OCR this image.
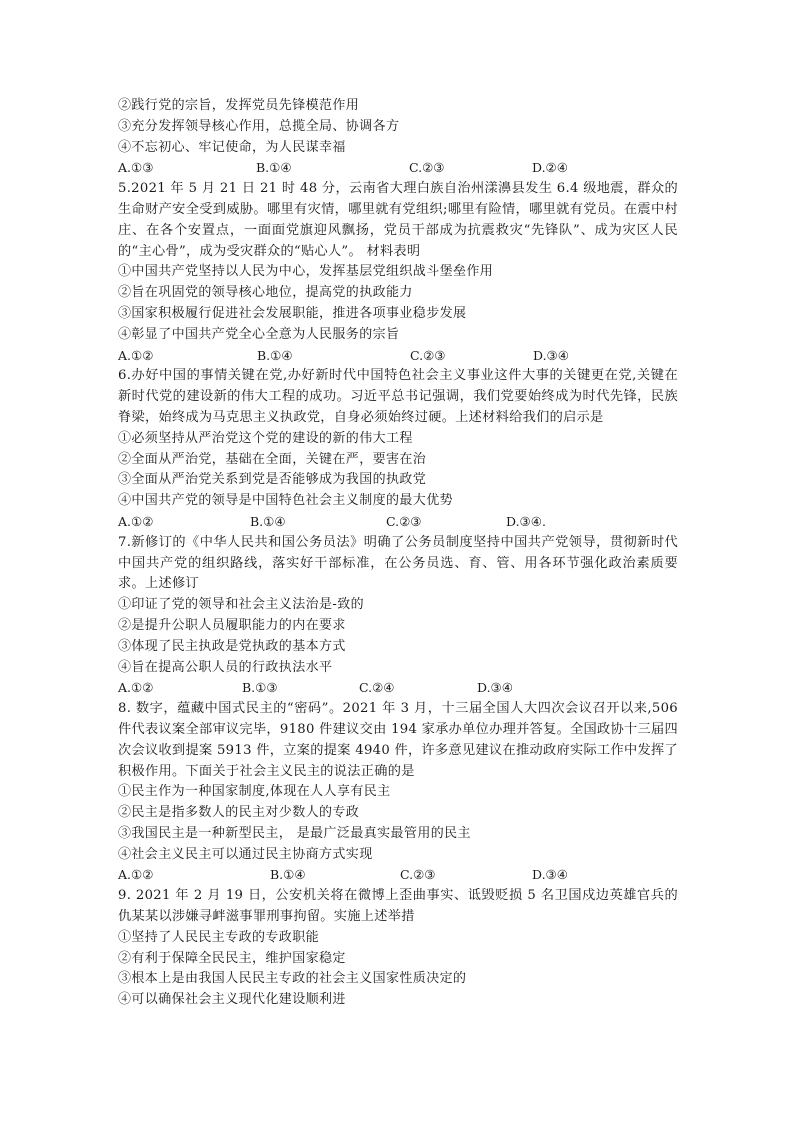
②践行党的宗旨，发挥党员先锋模范作用
③充分发挥领导核心作用，总揽全局、协调各方
④不忘初心、牢记使命，为人民谋幸福
A.①③	B.①④	C.②③	D.②④
5.2021 年 5 月 21 日 21 时 48 分，云南省大理白族自治州漾濞县发生 6.4 级地震，群众的生命财产安全受到威胁。哪里有灾情，哪里就有党组织;哪里有险情，哪里就有党员。在震中村庄、在各个安置点，一面面党旗迎风飘扬，党员干部成为抗震救灾“先锋队”、成为灾区人民的“主心骨”，成为受灾群众的“贴心人”。 材料表明
①中国共产党坚持以人民为中心，发挥基层党组织战斗堡垒作用
②旨在巩固党的领导核心地位，提高党的执政能力
③国家积极履行促进社会发展职能，推进各项事业稳步发展
④彰显了中国共产党全心全意为人民服务的宗旨
A.①②	B.①④	C.②③	D.③④
6.办好中国的事情关键在党,办好新时代中国特色社会主义事业这件大事的关键更在党,关键在新时代党的建设新的伟大工程的成功。习近平总书记强调，我们党要始终成为时代先锋，民族脊梁，始终成为马克思主义执政党，自身必须始终过硬。上述材料给我们的启示是
①必须坚持从严治党这个党的建设的新的伟大工程
②全面从严治党，基础在全面，关键在严，要害在治
③全面从严治党关系到党是否能够成为我国的执政党
④中国共产党的领导是中国特色社会主义制度的最大优势
A.①②	B.①④	C.②③	D.③④.
7.新修订的《中华人民共和国公务员法》明确了公务员制度坚持中国共产党领导，贯彻新时代中国共产党的组织路线，落实好干部标准，在公务员选、育、管、用各环节强化政治素质要求。上述修订
①印证了党的领导和社会主义法治是-致的
②是提升公职人员履职能力的内在要求
③体现了民主执政是党执政的基本方式
④旨在提高公职人员的行政执法水平
A.①②	B.①③	C.②④	D.③④
8. 数字，蕴藏中国式民主的“密码”。2021 年 3 月，十三届全国人大四次会议召开以来,506 件代表议案全部审议完毕，9180 件建议交由 194 家承办单位办理并答复。全国政协十三届四次会议收到提案 5913 件，立案的提案 4940 件，许多意见建议在推动政府实际工作中发挥了积极作用。下面关于社会主义民主的说法正确的是
①民主作为一种国家制度,体现在人人享有民主
②民主是指多数人的民主对少数人的专政
③我国民主是一种新型民主， 是最广泛最真实最管用的民主
④社会主义民主可以通过民主协商方式实现
A.①②	B.①④	C.②③	D.③④
9. 2021 年 2 月 19 日，公安机关将在微博上歪曲事实、诋毁贬损 5 名卫国戍边英雄官兵的仇某某以涉嫌寻衅滋事罪刑事拘留。实施上述举措
①坚持了人民民主专政的专政职能
②有利于保障全民民主，维护国家稳定
③根本上是由我国人民民主专政的社会主义国家性质决定的
④可以确保社会主义现代化建设顺利进
